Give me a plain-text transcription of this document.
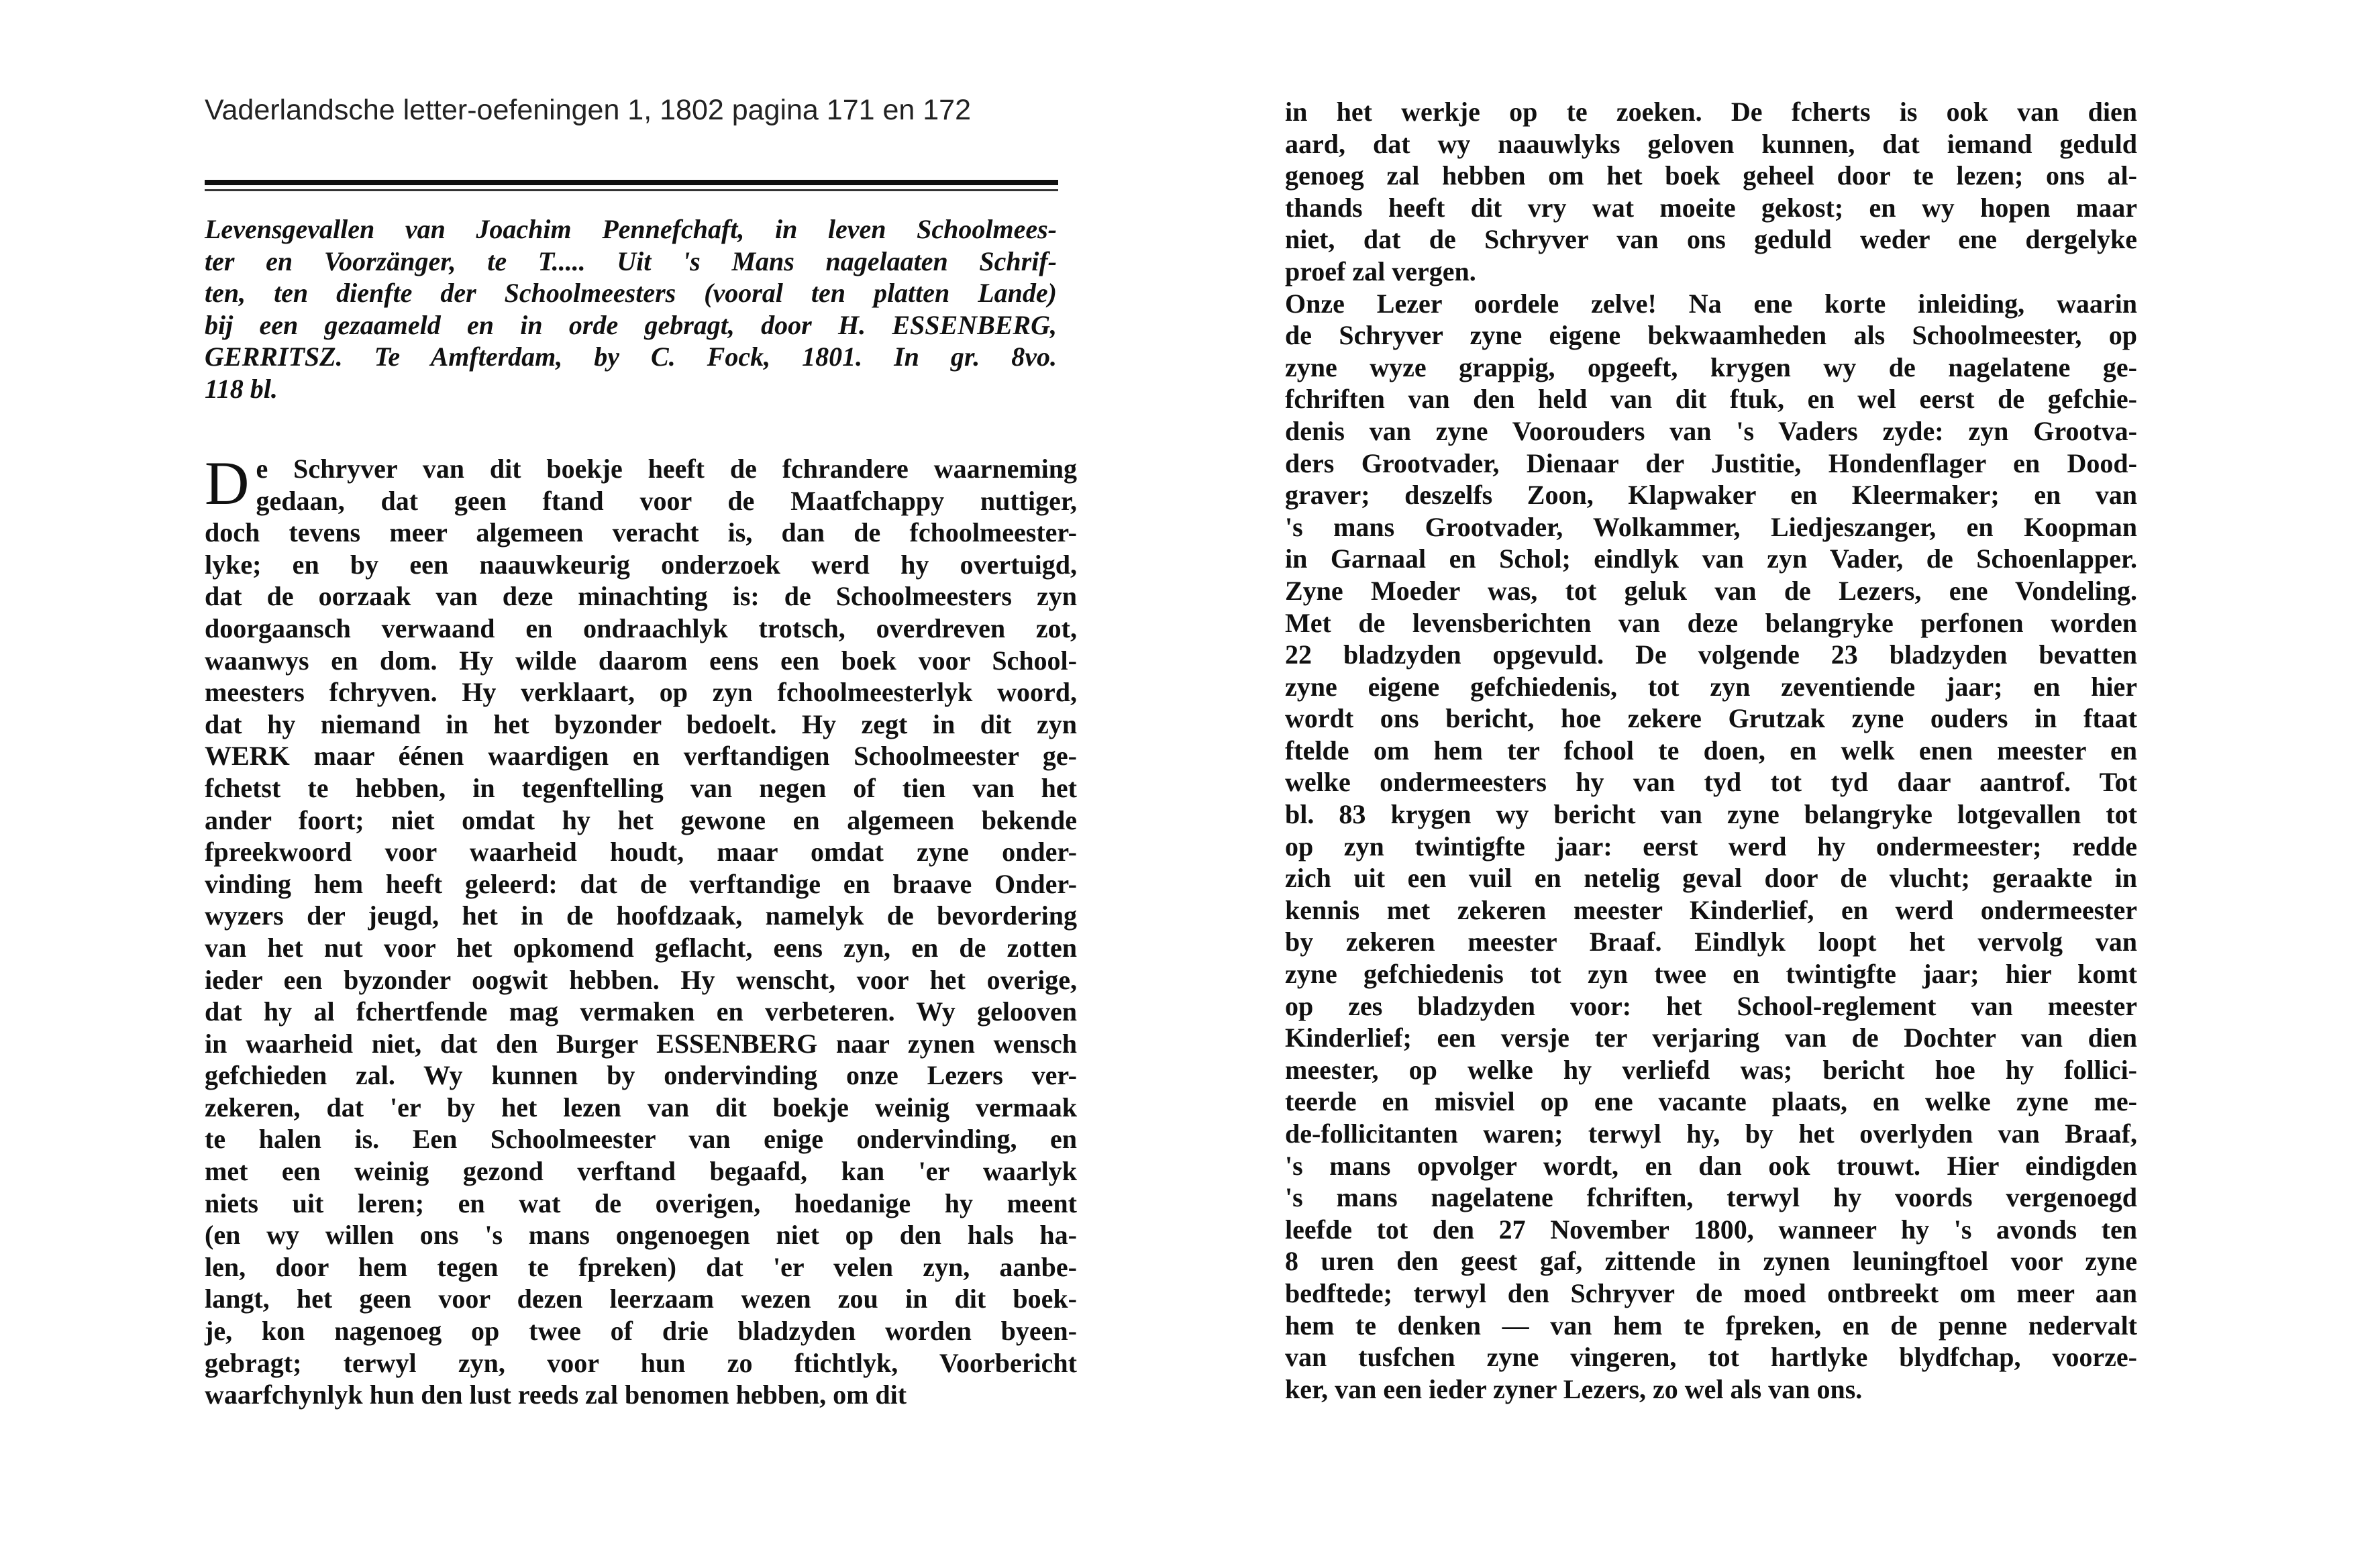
Vaderlandsche letter-oefeningen 1, 1802 pagina 171 en 172
Levensgevallen van Joachim Pennefchaft, in leven Schoolmees-
ter en Voorzänger, te T..... Uit 's Mans nagelaaten Schrif-
ten, ten dienfte der Schoolmeesters (vooral ten platten Lande)
bij een gezaameld en in orde gebragt, door H. ESSENBERG,
GERRITSZ. Te Amfterdam, by C. Fock, 1801. In gr. 8vo.
118 bl.
D e Schryver van dit boekje heeft de fchrandere waarneming
gedaan, dat geen ftand voor de Maatfchappy nuttiger,
doch tevens meer algemeen veracht is, dan de fchoolmeester-
lyke; en by een naauwkeurig onderzoek werd hy overtuigd,
dat de oorzaak van deze minachting is: de Schoolmeesters zyn
doorgaansch verwaand en ondraachlyk trotsch, overdreven zot,
waanwys en dom. Hy wilde daarom eens een boek voor School-
meesters fchryven. Hy verklaart, op zyn fchoolmeesterlyk woord,
dat hy niemand in het byzonder bedoelt. Hy zegt in dit zyn
WERK maar éénen waardigen en verftandigen Schoolmeester ge-
fchetst te hebben, in tegenftelling van negen of tien van het
ander foort; niet omdat hy het gewone en algemeen bekende
fpreekwoord voor waarheid houdt, maar omdat zyne onder-
vinding hem heeft geleerd: dat de verftandige en braave Onder-
wyzers der jeugd, het in de hoofdzaak, namelyk de bevordering
van het nut voor het opkomend geflacht, eens zyn, en de zotten
ieder een byzonder oogwit hebben. Hy wenscht, voor het overige,
dat hy al fchertfende mag vermaken en verbeteren. Wy gelooven
in waarheid niet, dat den Burger ESSENBERG naar zynen wensch
gefchieden zal. Wy kunnen by ondervinding onze Lezers ver-
zekeren, dat 'er by het lezen van dit boekje weinig vermaak
te halen is. Een Schoolmeester van enige ondervinding, en
met een weinig gezond verftand begaafd, kan 'er waarlyk
niets uit leren; en wat de overigen, hoedanige hy meent
(en wy willen ons 's mans ongenoegen niet op den hals ha-
len, door hem tegen te fpreken) dat 'er velen zyn, aanbe-
langt, het geen voor dezen leerzaam wezen zou in dit boek-
je, kon nagenoeg op twee of drie bladzyden worden byeen-
gebragt; terwyl zyn, voor hun zo ftichtlyk, Voorbericht
waarfchynlyk hun den lust reeds zal benomen hebben, om dit
in het werkje op te zoeken. De fcherts is ook van dien
aard, dat wy naauwlyks geloven kunnen, dat iemand geduld
genoeg zal hebben om het boek geheel door te lezen; ons al-
thands heeft dit vry wat moeite gekost; en wy hopen maar
niet, dat de Schryver van ons geduld weder ene dergelyke
proef zal vergen.
Onze Lezer oordele zelve! Na ene korte inleiding, waarin
de Schryver zyne eigene bekwaamheden als Schoolmeester, op
zyne wyze grappig, opgeeft, krygen wy de nagelatene ge-
fchriften van den held van dit ftuk, en wel eerst de gefchie-
denis van zyne Voorouders van 's Vaders zyde: zyn Grootva-
ders Grootvader, Dienaar der Justitie, Hondenflager en Dood-
graver; deszelfs Zoon, Klapwaker en Kleermaker; en van
's mans Grootvader, Wolkammer, Liedjeszanger, en Koopman
in Garnaal en Schol; eindlyk van zyn Vader, de Schoenlapper.
Zyne Moeder was, tot geluk van de Lezers, ene Vondeling.
Met de levensberichten van deze belangryke perfonen worden
22 bladzyden opgevuld. De volgende 23 bladzyden bevatten
zyne eigene gefchiedenis, tot zyn zeventiende jaar; en hier
wordt ons bericht, hoe zekere Grutzak zyne ouders in ftaat
ftelde om hem ter fchool te doen, en welk enen meester en
welke ondermeesters hy van tyd tot tyd daar aantrof. Tot
bl. 83 krygen wy bericht van zyne belangryke lotgevallen tot
op zyn twintigfte jaar: eerst werd hy ondermeester; redde
zich uit een vuil en netelig geval door de vlucht; geraakte in
kennis met zekeren meester Kinderlief, en werd ondermeester
by zekeren meester Braaf. Eindlyk loopt het vervolg van
zyne gefchiedenis tot zyn twee en twintigfte jaar; hier komt
op zes bladzyden voor: het School-reglement van meester
Kinderlief; een versje ter verjaring van de Dochter van dien
meester, op welke hy verliefd was; bericht hoe hy follici-
teerde en misviel op ene vacante plaats, en welke zyne me-
de-follicitanten waren; terwyl hy, by het overlyden van Braaf,
's mans opvolger wordt, en dan ook trouwt. Hier eindigden
's mans nagelatene fchriften, terwyl hy voords vergenoegd
leefde tot den 27 November 1800, wanneer hy 's avonds ten
8 uren den geest gaf, zittende in zynen leuningftoel voor zyne
bedftede; terwyl den Schryver de moed ontbreekt om meer aan
hem te denken — van hem te fpreken, en de penne nedervalt
van tusfchen zyne vingeren, tot hartlyke blydfchap, voorze-
ker, van een ieder zyner Lezers, zo wel als van ons.
